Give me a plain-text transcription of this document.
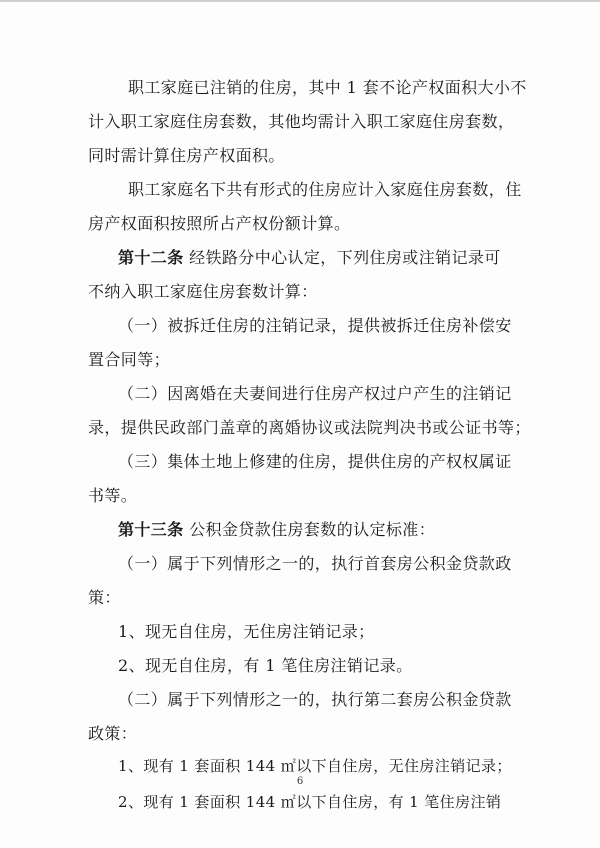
职工家庭已注销的住房，其中 1 套不论产权面积大小不
计入职工家庭住房套数，其他均需计入职工家庭住房套数，
同时需计算住房产权面积。
职工家庭名下共有形式的住房应计入家庭住房套数，住
房产权面积按照所占产权份额计算。
第十二条 经铁路分中心认定，下列住房或注销记录可
不纳入职工家庭住房套数计算：
（一）被拆迁住房的注销记录，提供被拆迁住房补偿安
置合同等；
（二）因离婚在夫妻间进行住房产权过户产生的注销记
录，提供民政部门盖章的离婚协议或法院判决书或公证书等；
（三）集体土地上修建的住房，提供住房的产权权属证
书等。
第十三条 公积金贷款住房套数的认定标准：
（一）属于下列情形之一的，执行首套房公积金贷款政
策：
1、现无自住房，无住房注销记录；
2、现无自住房，有 1 笔住房注销记录。
（二）属于下列情形之一的，执行第二套房公积金贷款
政策：
1、现有 1 套面积 144 ㎡以下自住房，无住房注销记录；
2、现有 1 套面积 144 ㎡以下自住房，有 1 笔住房注销
6
